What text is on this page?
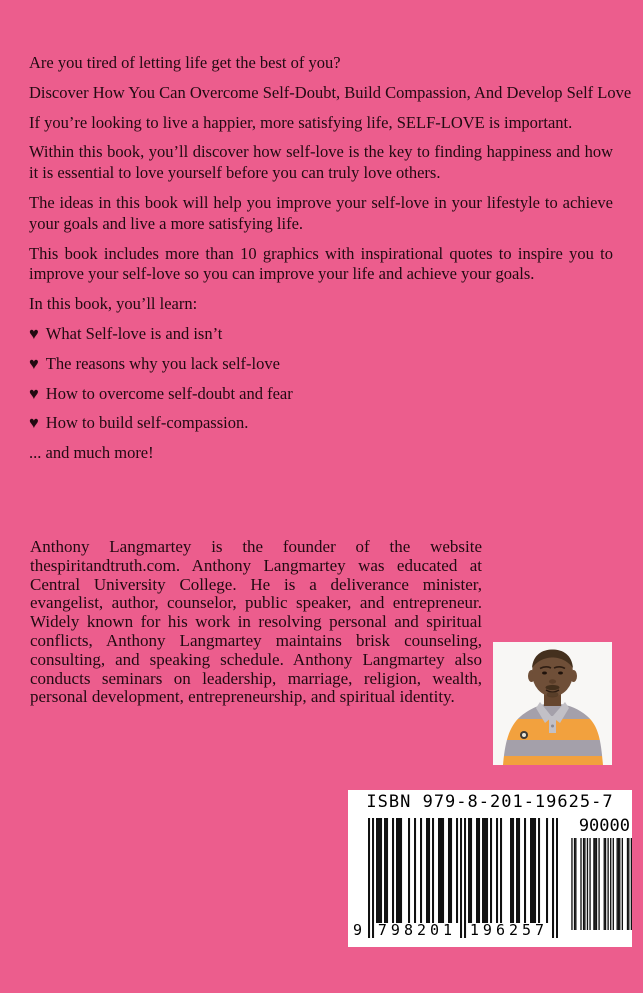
Are you tired of letting life get the best of you?

Discover How You Can Overcome Self-Doubt, Build Compassion, And Develop Self Love

If you’re looking to live a happier, more satisfying life, SELF-LOVE is important.

Within this book, you’ll discover how self-love is the key to finding happiness and how it is essential to love yourself before you can truly love others.

The ideas in this book will help you improve your self-love in your lifestyle to achieve your goals and live a more satisfying life.

This book includes more than 10 graphics with inspirational quotes to inspire you to improve your self-love so you can improve your life and achieve your goals.

In this book, you’ll learn:

♥ What Self-love is and isn’t
♥ The reasons why you lack self-love
♥ How to overcome self-doubt and fear
♥ How to build self-compassion.

... and much more!

Anthony Langmartey is the founder of the website thespiritandtruth.com. Anthony Langmartey was educated at Central University College. He is a deliverance minister, evangelist, author, counselor, public speaker, and entrepreneur. Widely known for his work in resolving personal and spiritual conflicts, Anthony Langmartey maintains brisk counseling, consulting, and speaking schedule. Anthony Langmartey also conducts seminars on leadership, marriage, religion, wealth, personal development, entrepreneurship, and spiritual identity.
ISBN 979-8-201-19625-7
9 798201 196257
90000
